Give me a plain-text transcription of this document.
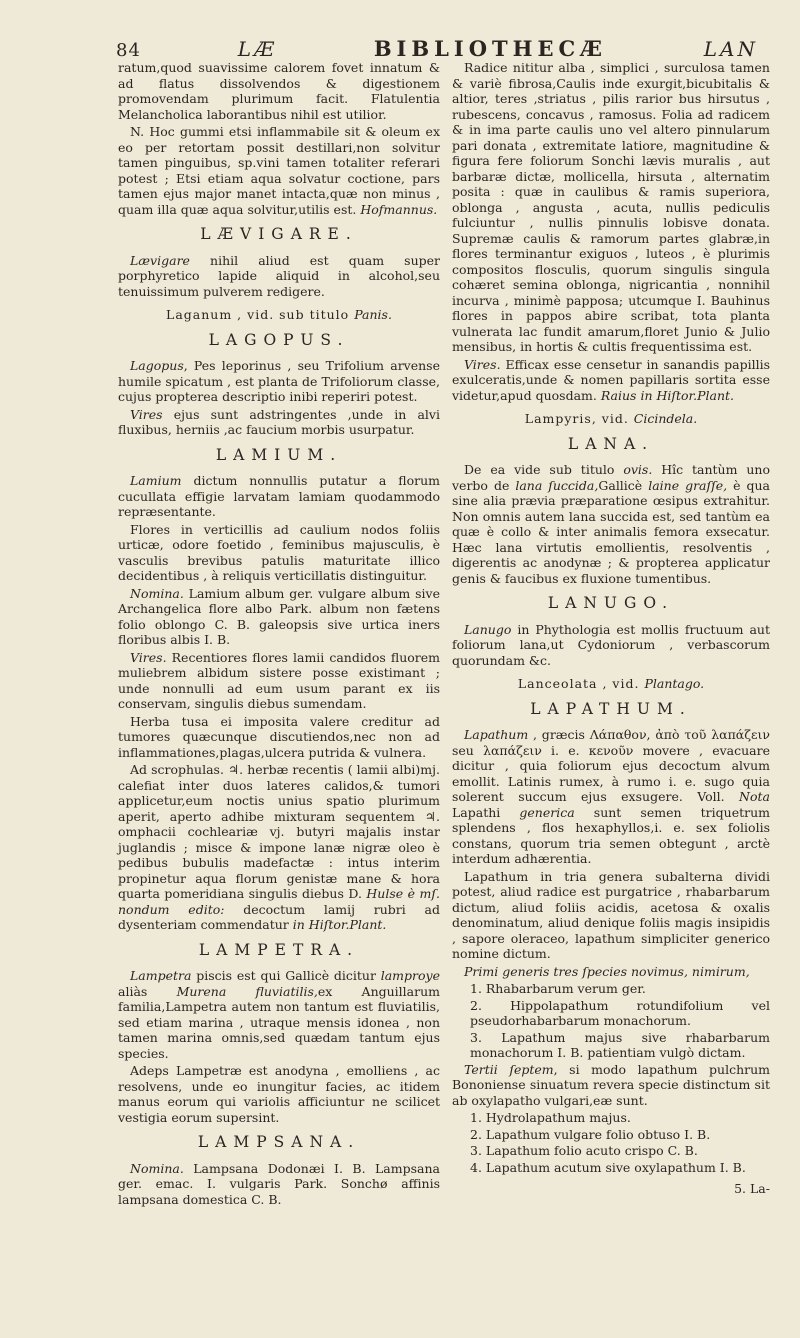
84	LÆ	BIBLIOTHECÆ	LAN

ratum,quod suavissime calorem fovet innatum & ad flatus dissolvendos & digestionem promovendam plurimum facit. Flatulentia Melancholica laborantibus nihil est utilior.

N. Hoc gummi etsi inflammabile sit & oleum ex eo per retortam possit destillari,non solvitur tamen pinguibus, sp.vini tamen totaliter referari potest ; Etsi etiam aqua solvatur coctione, pars tamen ejus major manet intacta,quæ non minus , quam illa quæ aqua solvitur,utilis est. Hofmannus.

LÆVIGARE.

Lævigare nihil aliud est quam super porphyretico lapide aliquid in alcohol,seu tenuissimum pulverem redigere.

Laganum , vid. sub titulo Panis.
LAGOPUS.

Lagopus, Pes leporinus , seu Trifolium arvense humile spicatum , est planta de Trifoliorum classe, cujus propterea descriptio inibi reperiri potest.

Vires ejus sunt adstringentes ,unde in alvi fluxibus, herniis ,ac faucium morbis usurpatur.

LAMIUM.

Lamium dictum nonnullis putatur a florum cucullata effigie larvatam lamiam quodammodo repræsentante.

Flores in verticillis ad caulium nodos foliis urticæ, odore foetido , feminibus majusculis, è vasculis brevibus patulis maturitate illico decidentibus , à reliquis verticillatis distinguitur.

Nomina. Lamium album ger. vulgare album sive Archangelica flore albo Park. album non fætens folio oblongo C. B. galeopsis sive urtica iners floribus albis I. B.

Vires. Recentiores flores lamii candidos fluorem muliebrem albidum sistere posse existimant ; unde nonnulli ad eum usum parant ex iis conservam, singulis diebus sumendam.

Herba tusa ei imposita valere creditur ad tumores quæcunque discutiendos,nec non ad inflammationes,plagas,ulcera putrida & vulnera.

Ad scrophulas. ♃. herbæ recentis ( lamii albi)mj. calefiat inter duos lateres calidos,& tumori applicetur,eum noctis unius spatio plurimum aperit, aperto adhibe mixturam sequentem ♃. omphacii cochleariæ vj. butyri majalis instar juglandis ; misce & impone lanæ nigræ oleo è pedibus bubulis madefactæ : intus interim propinetur aqua florum genistæ mane & hora quarta pomeridiana singulis diebus D. Hulse è mſ. nondum edito: decoctum lamij rubri ad dysenteriam commendatur in Hiſtor.Plant.

LAMPETRA.

Lampetra piscis est qui Gallicè dicitur lamproye aliàs Murena fluviatilis,ex Anguillarum familia,Lampetra autem non tantum est fluviatilis, sed etiam marina , utraque mensis idonea , non tamen marina omnis,sed quædam tantum ejus species.

Adeps Lampetræ est anodyna , emolliens , ac resolvens, unde eo inungitur facies, ac itidem manus eorum qui variolis afficiuntur ne scilicet vestigia eorum supersint.

LAMPSANA.

Nomina. Lampsana Dodonæi I. B. Lampsana ger. emac. I. vulgaris Park. Sonchø affinis lampsana domestica C. B.

Radice nititur alba , simplici , surculosa tamen & variè fibrosa,Caulis inde exurgit,bicubitalis & altior, teres ,striatus , pilis rarior bus hirsutus , rubescens, concavus , ramosus. Folia ad radicem & in ima parte caulis uno vel altero pinnularum pari donata , extremitate latiore, magnitudine & figura fere foliorum Sonchi lævis muralis , aut barbaræ dictæ, mollicella, hirsuta , alternatim posita : quæ in caulibus & ramis superiora, oblonga , angusta , acuta, nullis pediculis fulciuntur , nullis pinnulis lobisve donata. Supremæ caulis & ramorum partes glabræ,in flores terminantur exiguos , luteos , è plurimis compositos flosculis, quorum singulis singula cohæret semina oblonga, nigricantia , nonnihil incurva , minimè papposa; utcumque I. Bauhinus flores in pappos abire scribat, tota planta vulnerata lac fundit amarum,floret Junio & Julio mensibus, in hortis & cultis frequentissima est.

Vires. Efficax esse censetur in sanandis papillis exulceratis,unde & nomen papillaris sortita esse videtur,apud quosdam. Raius in Hiſtor.Plant.

Lampyris, vid. Cicindela.
LANA.

De ea vide sub titulo ovis. Hîc tantùm uno verbo de lana ſuccida,Gallicè laine graſſe, è qua sine alia prævia præparatione œsipus extrahitur. Non omnis autem lana succida est, sed tantùm ea quæ è collo & inter animalis femora exsecatur. Hæc lana virtutis emollientis, resolventis , digerentis ac anodynæ ; & propterea applicatur genis & faucibus ex fluxione tumentibus.

LANUGO.

Lanugo in Phythologia est mollis fructuum aut foliorum lana,ut Cydoniorum , verbascorum quorundam &c.

Lanceolata , vid. Plantago.
LAPATHUM.

Lapathum , græcis Λάπαθον, ἀπὸ τοῦ λαπάζειν seu λαπάζειν i. e. κενοῦν movere , evacuare dicitur , quia foliorum ejus decoctum alvum emollit. Latinis rumex, à rumo i. e. sugo quia solerent succum ejus exsugere. Voll. Nota Lapathi generica sunt semen triquetrum splendens , flos hexaphyllos,i. e. sex foliolis constans, quorum tria semen obtegunt , arctè interdum adhærentia.

Lapathum in tria genera subalterna dividi potest, aliud radice est purgatrice , rhabarbarum dictum, aliud foliis acidis, acetosa & oxalis denominatum, aliud denique foliis magis insipidis , sapore oleraceo, lapathum simpliciter generico nomine dictum.

Primi generis tres ſpecies novimus, nimirum,

1. Rhabarbarum verum ger.

2. Hippolapathum rotundifolium vel pseudorhabarbarum monachorum.

3. Lapathum majus sive rhabarbarum monachorum I. B. patientiam vulgò dictam.

Tertii ſeptem, si modo lapathum pulchrum Bononiense sinuatum revera specie distinctum sit ab oxylapatho vulgari,eæ sunt.

1. Hydrolapathum majus.

2. Lapathum vulgare folio obtuso I. B.

3. Lapathum folio acuto crispo C. B.

4. Lapathum acutum sive oxylapathum I. B.

5. La-
